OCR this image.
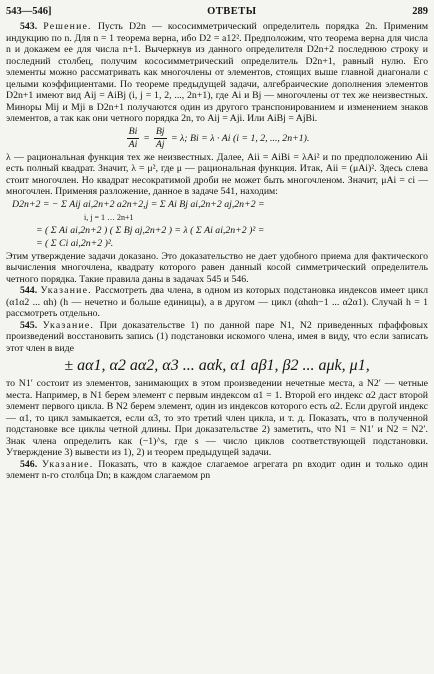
543—546]	ОТВЕТЫ	289

543. Решение. Пусть D2n — кососимметрический определитель порядка 2n. Применим индукцию по n. Для n = 1 теорема верна, ибо D2 = a12². Предположим, что теорема верна для числа n и докажем ее для числа n+1. Вычеркнув из данного определителя D2n+2 последнюю строку и последний столбец, получим кососимметрический определитель D2n+1, равный нулю. Его элементы можно рассматривать как многочлены от элементов, стоящих выше главной диагонали с целыми коэффициентами. По теореме предыдущей задачи, алгебраические дополнения элементов D2n+1 имеют вид Aij = AiBj (i, j = 1, 2, ..., 2n+1), где Ai и Bj — многочлены от тех же неизвестных. Миноры Mij и Mji в D2n+1 получаются один из другого транспонированием и изменением знаков элементов, а так как они четного порядка 2n, то Aij = Aji. Или AiBj = AjBi.

$\frac{Bi}{Ai} = \frac{Bj}{Aj} = \lambda$; Bi = λ · Ai (i = 1, 2, ..., 2n+1).

λ — рациональная функция тех же неизвестных. Далее, Aii = AiBi = λAi² и по предположению Aii есть полный квадрат. Значит, λ = μ², где μ — рациональная функция. Итак, Aii = (μAi)². Здесь слева стоит многочлен. Но квадрат несократимой дроби не может быть многочленом. Значит, μAi = ci — многочлен. Применяя разложение, данное в задаче 541, находим:

D2n+2 = − Σ Aij ai,2n+2 a2n+2,j = Σ Ai Bj ai,2n+2 aj,2n+2 =
i, j = 1 … 2n+1
= ( Σ Ai ai,2n+2 ) ( Σ Bj aj,2n+2 ) = λ ( Σ Ai ai,2n+2 )² =
= ( Σ Ci ai,2n+2 )².

Этим утверждение задачи доказано. Это доказательство не дает удобного приема для фактического вычисления многочлена, квадрату которого равен данный косой симметрический определитель четного порядка. Такие правила даны в задачах 545 и 546.

544. Указание. Рассмотреть два члена, в одном из которых подстановка индексов имеет цикл (α1α2 ... αh) (h — нечетно и больше единицы), а в другом — цикл (αhαh−1 ... α2α1). Случай h = 1 рассмотреть отдельно.

545. Указание. При доказательстве 1) по данной паре N1, N2 приведенных пфаффовых произведений восстановить запись (1) подстановки искомого члена, имея в виду, что если записать этот член в виде

± aα1, α2 aα2, α3 ... aαk, α1 aβ1, β2 ... aμk, μ1,

то N1′ состоит из элементов, занимающих в этом произведении нечетные места, а N2′ — четные места. Например, в N1 берем элемент с первым индексом α1 = 1. Второй его индекс α2 даст второй элемент первого цикла. В N2 берем элемент, один из индексов которого есть α2. Если другой индекс — α1, то цикл замыкается, если α3, то это третий член цикла, и т. д. Показать, что в полученной подстановке все циклы четной длины. При доказательстве 2) заметить, что N1 = N1′ и N2 = N2′. Знак члена определить как (−1)^s, где s — число циклов соответствующей подстановки. Утверждение 3) вывести из 1), 2) и теорем предыдущей задачи.

546. Указание. Показать, что в каждое слагаемое агрегата pn входит один и только один элемент n-го столбца Dn; в каждом слагаемом pn
